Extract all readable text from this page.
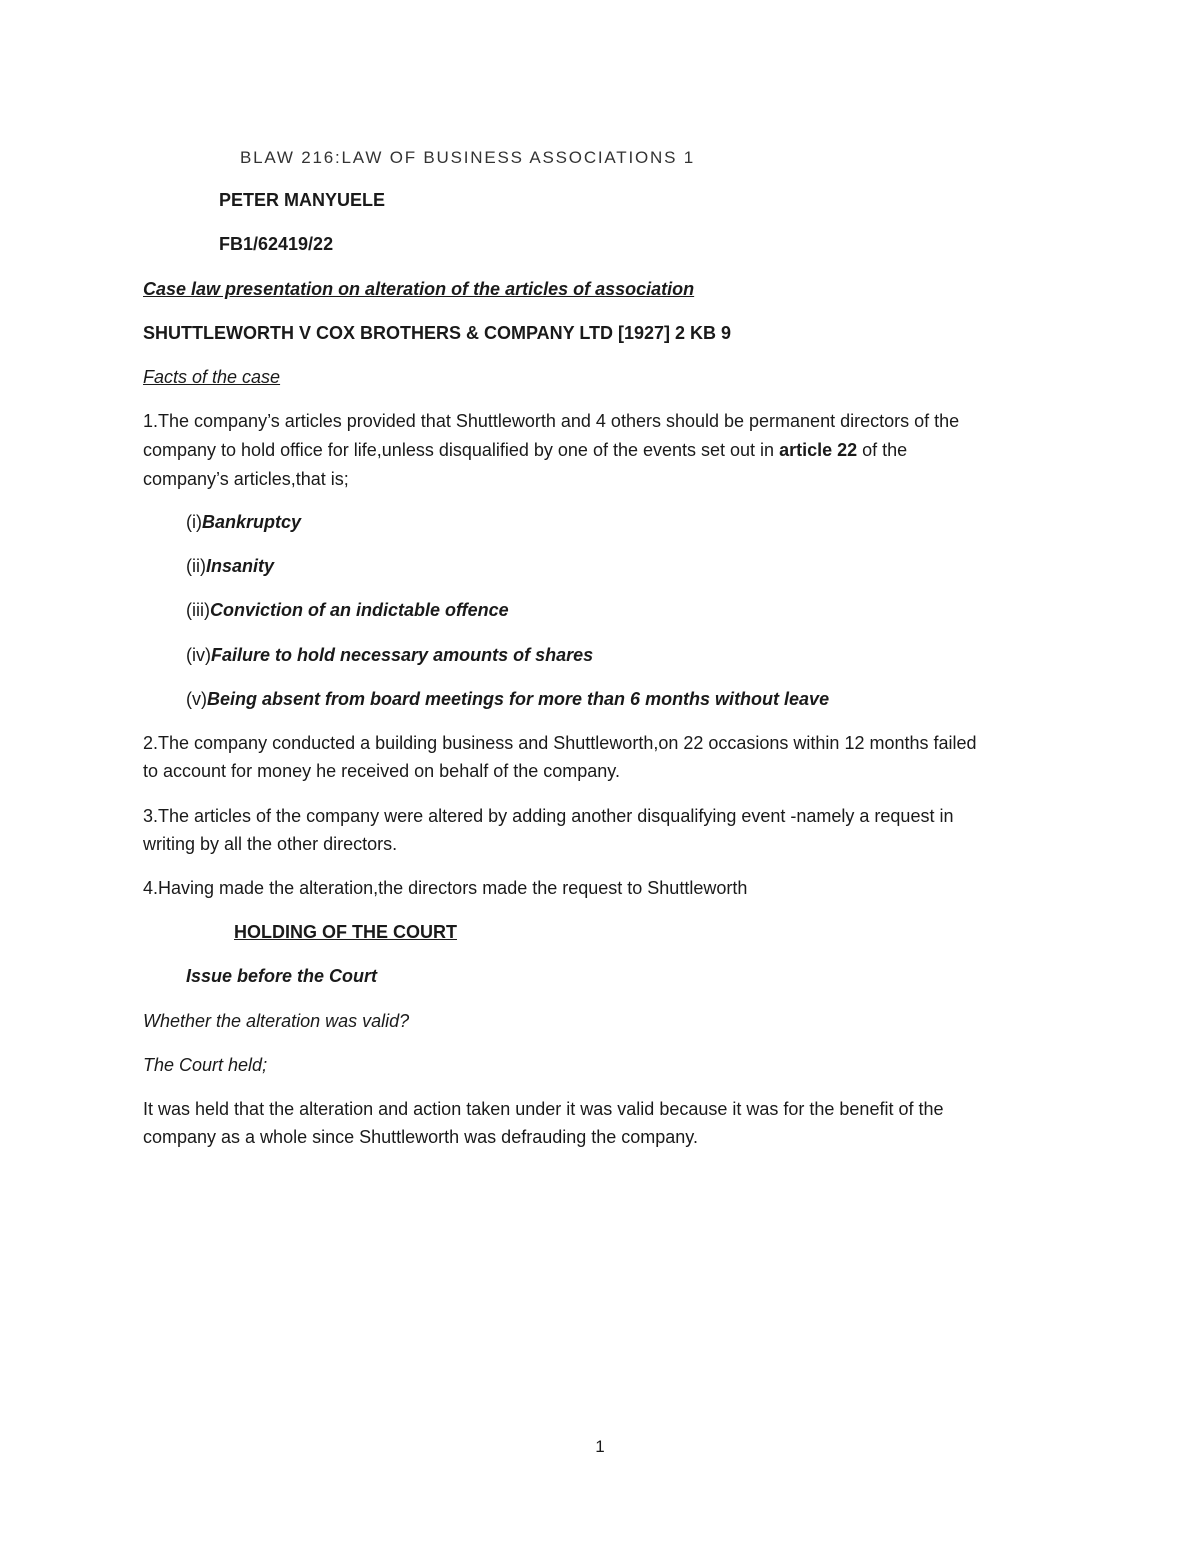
BLAW 216:LAW OF BUSINESS ASSOCIATIONS 1

PETER MANYUELE

FB1/62419/22

Case law presentation on alteration of the articles of association

SHUTTLEWORTH V COX BROTHERS & COMPANY LTD [1927] 2 KB 9

Facts of the case

1.The company’s articles provided that Shuttleworth and 4 others should be permanent directors of the

company to hold office for life,unless disqualified by one of the events set out in article 22 of the

company’s articles,that is;

(i)Bankruptcy

(ii)Insanity

(iii)Conviction of an indictable offence

(iv)Failure to hold necessary amounts of shares

(v)Being absent from board meetings for more than 6 months without leave

2.The company conducted a building business and Shuttleworth,on 22 occasions within 12 months failed

to account for money he received on behalf of the company.

3.The articles of the company were altered by adding another disqualifying event -namely a request in

writing by all the other directors.

4.Having made the alteration,the directors made the request to Shuttleworth

HOLDING OF THE COURT

Issue before the Court

Whether the alteration was valid?

The Court held;

It was held that the alteration and action taken under it was valid because it was for the benefit of the

company as a whole since Shuttleworth was defrauding the company.

1
